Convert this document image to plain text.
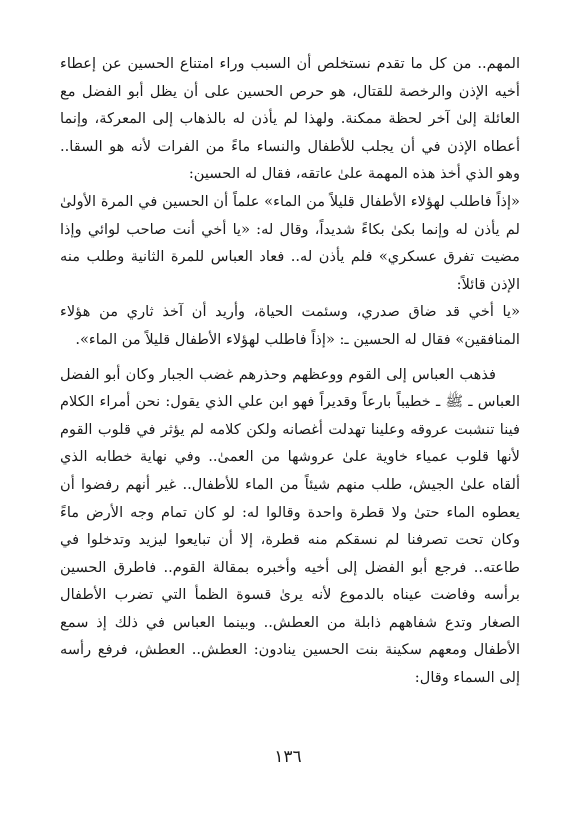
المهم.. من كل ما تقدم نستخلص أن السبب وراء امتناع الحسين عن إعطاء أخيه الإذن والرخصة للقتال، هو حرص الحسين على أن يظل أبو الفضل مع العائلة إلىٰ آخر لحظة ممكنة. ولهذا لم يأذن له بالذهاب إلى المعركة، وإنما أعطاه الإذن في أن يجلب للأطفال والنساء ماءً من الفرات لأنه هو السقا.. وهو الذي أخذ هذه المهمة علىٰ عاتقه، فقال له الحسين:

«إذاً فاطلب لهؤلاء الأطفال قليلاً من الماء» علماً أن الحسين في المرة الأولىٰ لم يأذن له وإنما بكىٰ بكاءً شديداً، وقال له: «يا أخي أنت صاحب لوائي وإذا مضيت تفرق عسكري» فلم يأذن له.. فعاد العباس للمرة الثانية وطلب منه الإذن قائلاً:

«يا أخي قد ضاق صدري، وسئمت الحياة، وأريد أن آخذ ثاري من هؤلاء المنافقين» فقال له الحسين ـ: «إذاً فاطلب لهؤلاء الأطفال قليلاً من الماء».

فذهب العباس إلى القوم ووعظهم وحذرهم غضب الجبار وكان أبو الفضل العباس ـ ﷺ ـ خطيباً بارعاً وقديراً فهو ابن علي الذي يقول: نحن أمراء الكلام فينا تنشبت عروقه وعلينا تهدلت أغصانه ولكن كلامه لم يؤثر في قلوب القوم لأنها قلوب عمياء خاوية علىٰ عروشها من العمىٰ.. وفي نهاية خطابه الذي ألقاه علىٰ الجيش، طلب منهم شيئاً من الماء للأطفال.. غير أنهم رفضوا أن يعطوه الماء حتىٰ ولا قطرة واحدة وقالوا له: لو كان تمام وجه الأرض ماءً وكان تحت تصرفنا لم نسقكم منه قطرة، إلا أن تبايعوا ليزيد وتدخلوا في طاعته.. فرجع أبو الفضل إلى أخيه وأخبره بمقالة القوم.. فاطرق الحسين برأسه وفاضت عيناه بالدموع لأنه يرىٰ قسوة الظمأ التي تضرب الأطفال الصغار وتدع شفاههم ذابلة من العطش.. وبينما العباس في ذلك إذ سمع الأطفال ومعهم سكينة بنت الحسين ينادون: العطش.. العطش، فرفع رأسه إلى السماء وقال:

١٣٦
